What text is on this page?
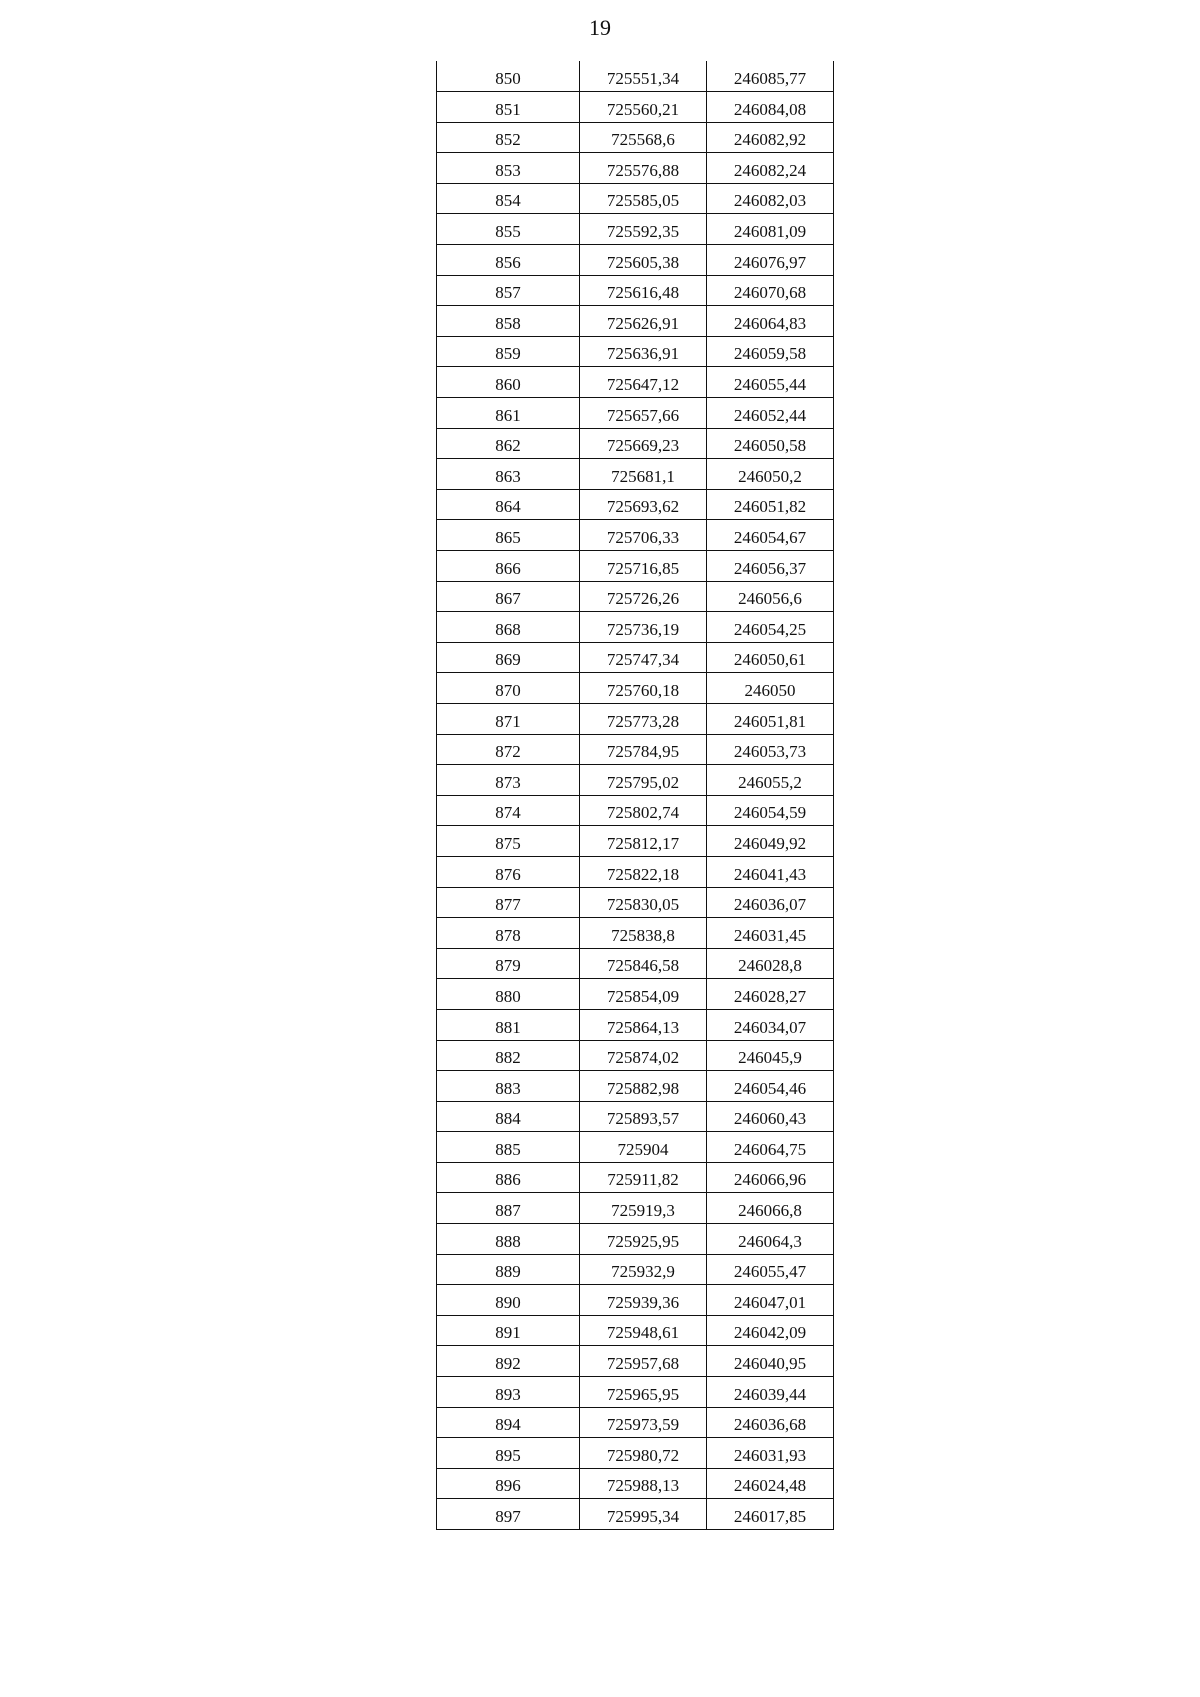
19
850	725551,34	246085,77
851	725560,21	246084,08
852	725568,6	246082,92
853	725576,88	246082,24
854	725585,05	246082,03
855	725592,35	246081,09
856	725605,38	246076,97
857	725616,48	246070,68
858	725626,91	246064,83
859	725636,91	246059,58
860	725647,12	246055,44
861	725657,66	246052,44
862	725669,23	246050,58
863	725681,1	246050,2
864	725693,62	246051,82
865	725706,33	246054,67
866	725716,85	246056,37
867	725726,26	246056,6
868	725736,19	246054,25
869	725747,34	246050,61
870	725760,18	246050
871	725773,28	246051,81
872	725784,95	246053,73
873	725795,02	246055,2
874	725802,74	246054,59
875	725812,17	246049,92
876	725822,18	246041,43
877	725830,05	246036,07
878	725838,8	246031,45
879	725846,58	246028,8
880	725854,09	246028,27
881	725864,13	246034,07
882	725874,02	246045,9
883	725882,98	246054,46
884	725893,57	246060,43
885	725904	246064,75
886	725911,82	246066,96
887	725919,3	246066,8
888	725925,95	246064,3
889	725932,9	246055,47
890	725939,36	246047,01
891	725948,61	246042,09
892	725957,68	246040,95
893	725965,95	246039,44
894	725973,59	246036,68
895	725980,72	246031,93
896	725988,13	246024,48
897	725995,34	246017,85
